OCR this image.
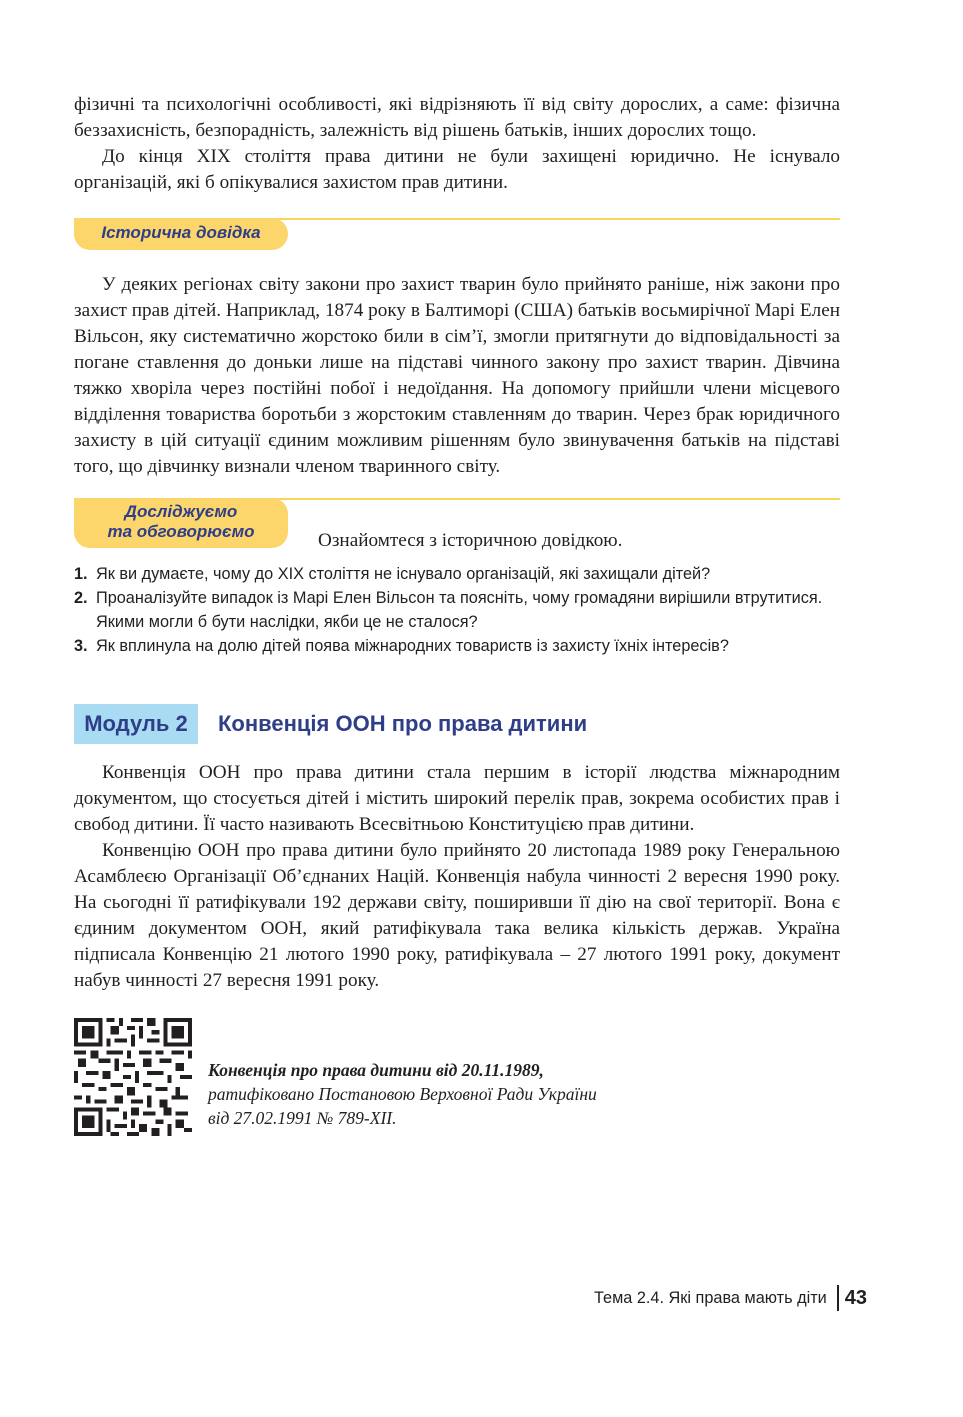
фізичні та психологічні особливості, які відрізняють її від світу дорослих, а саме: фізична беззахисність, безпорадність, залежність від рішень батьків, інших дорослих тощо.

До кінця XIX століття права дитини не були захищені юридично. Не існувало організацій, які б опікувалися захистом прав дитини.

Історична довідка

У деяких регіонах світу закони про захист тварин було прийнято раніше, ніж закони про захист прав дітей. Наприклад, 1874 року в Балтиморі (США) батьків восьмирічної Марі Елен Вільсон, яку систематично жорстоко били в сім’ї, змогли притягнути до відповідальності за погане ставлення до доньки лише на підставі чинного закону про захист тварин. Дівчина тяжко хворіла через постійні побої і недоїдання. На допомогу прийшли члени місцевого відділення товариства боротьби з жорстоким ставленням до тварин. Через брак юридичного захисту в цій ситуації єдиним можливим рішенням було звинувачення батьків на підставі того, що дівчинку визнали членом тваринного світу.

Досліджуємо
та обговорюємо	Ознайомтеся з історичною довідкою.
1. Як ви думаєте, чому до XIX століття не існувало організацій, які захищали дітей?
2. Проаналізуйте випадок із Марі Елен Вільсон та поясніть, чому громадяни вирішили втрутитися. Якими могли б бути наслідки, якби це не сталося?
3. Як вплинула на долю дітей поява міжнародних товариств із захисту їхніх інтересів?
Модуль 2	Конвенція ООН про права дитини

Конвенція ООН про права дитини стала першим в історії людства міжнародним документом, що стосується дітей і містить широкий перелік прав, зокрема особистих прав і свобод дитини. Її часто називають Всесвітньою Конституцією прав дитини.

Конвенцію ООН про права дитини було прийнято 20 листопада 1989 року Генеральною Асамблеєю Організації Об’єднаних Націй. Конвенція набула чинності 2 вересня 1990 року. На сьогодні її ратифікували 192 держави світу, поширивши її дію на свої території. Вона є єдиним документом ООН, який ратифікувала така велика кількість держав. Україна підписала Конвенцію 21 лютого 1990 року, ратифікувала – 27 лютого 1991 року, документ набув чинності 27 вересня 1991 року.

Конвенція про права дитини від 20.11.1989,
ратифіковано Постановою Верховної Ради України
від 27.02.1991 № 789-XII.
Тема 2.4. Які права мають діти 43
